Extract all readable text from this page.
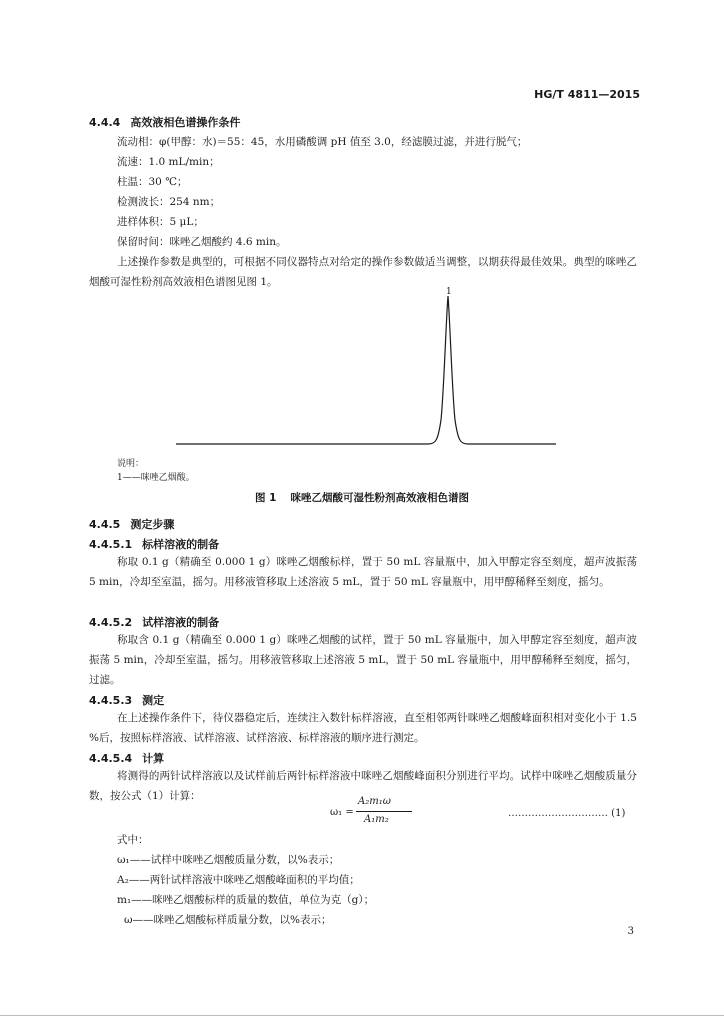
HG/T 4811—2015
4.4.4 高效液相色谱操作条件
流动相：φ(甲醇：水)＝55：45，水用磷酸调 pH 值至 3.0，经滤膜过滤，并进行脱气；
流速：1.0 mL/min；
柱温：30 ℃；
检测波长：254 nm；
进样体积：5 μL；
保留时间：咪唑乙烟酸约 4.6 min。
上述操作参数是典型的，可根据不同仪器特点对给定的操作参数做适当调整，以期获得最佳效果。典型的咪唑乙烟酸可湿性粉剂高效液相色谱图见图 1。
1
说明：
1——咪唑乙烟酸。
图 1 咪唑乙烟酸可湿性粉剂高效液相色谱图
4.4.5 测定步骤
4.4.5.1 标样溶液的制备
称取 0.1 g（精确至 0.000 1 g）咪唑乙烟酸标样，置于 50 mL 容量瓶中，加入甲醇定容至刻度，超声波振荡 5 min，冷却至室温，摇匀。用移液管移取上述溶液 5 mL，置于 50 mL 容量瓶中，用甲醇稀释至刻度，摇匀。
4.4.5.2 试样溶液的制备
称取含 0.1 g（精确至 0.000 1 g）咪唑乙烟酸的试样，置于 50 mL 容量瓶中，加入甲醇定容至刻度，超声波振荡 5 min，冷却至室温，摇匀。用移液管移取上述溶液 5 mL，置于 50 mL 容量瓶中，用甲醇稀释至刻度，摇匀，过滤。
4.4.5.3 测定
在上述操作条件下，待仪器稳定后，连续注入数针标样溶液，直至相邻两针咪唑乙烟酸峰面积相对变化小于 1.5 %后，按照标样溶液、试样溶液、试样溶液、标样溶液的顺序进行测定。
4.4.5.4 计算
将测得的两针试样溶液以及试样前后两针标样溶液中咪唑乙烟酸峰面积分别进行平均。试样中咪唑乙烟酸质量分数，按公式（1）计算：
ω₁ =
A₂m₁ω
A₁m₂
………………………… (1)
式中：
ω₁——试样中咪唑乙烟酸质量分数，以%表示；
A₂——两针试样溶液中咪唑乙烟酸峰面积的平均值；
m₁——咪唑乙烟酸标样的质量的数值，单位为克（g）；
ω——咪唑乙烟酸标样质量分数，以%表示；
3
